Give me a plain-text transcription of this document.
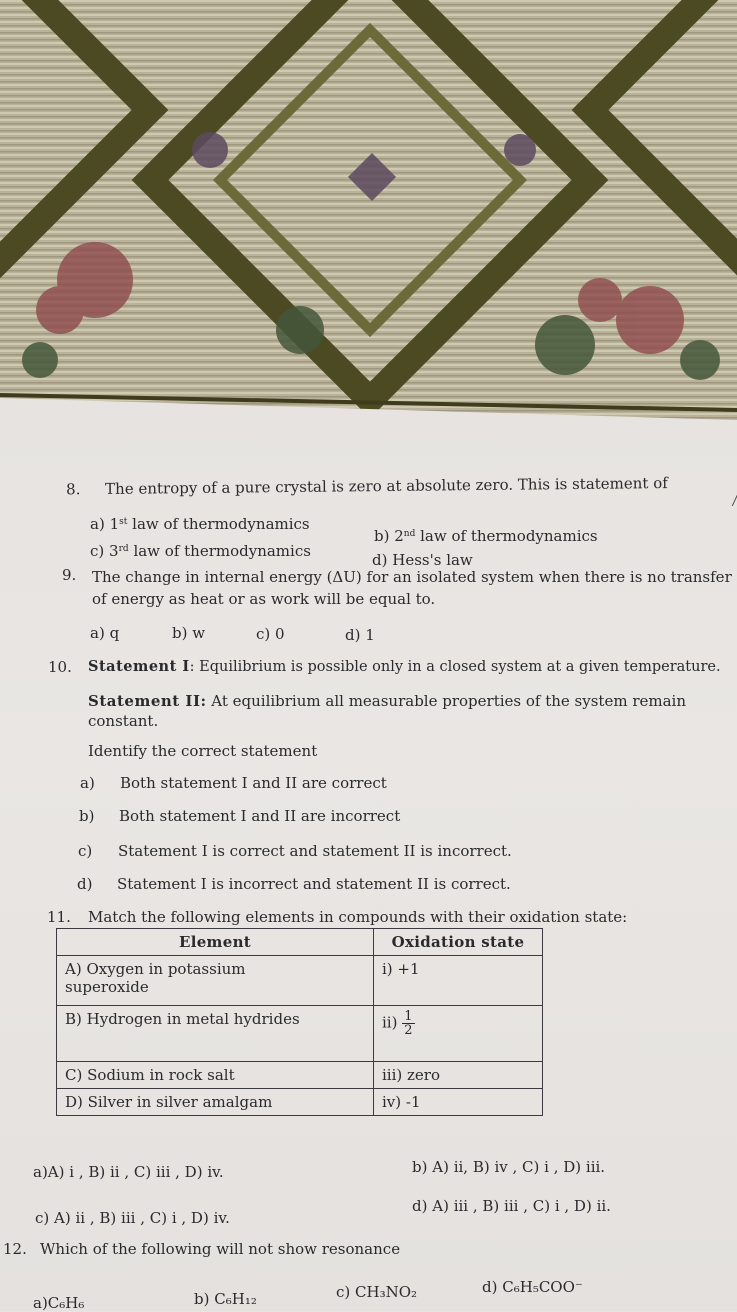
8. The entropy of a pure crystal is zero at absolute zero. This is statement of
a) 1st law of thermodynamics
b) 2nd law of thermodynamics
c) 3rd law of thermodynamics	d) Hess's law
9. The change in internal energy (ΔU) for an isolated system when there is no transfer
of energy as heat or as work will be equal to.
a) q	b) w	c) 0	d) 1
10. Statement I: Equilibrium is possible only in a closed system at a given temperature.
Statement II: At equilibrium all measurable properties of the system remain
constant.
Identify the correct statement
a) Both statement I and II are correct
b) Both statement I and II are incorrect
c) Statement I is correct and statement II is incorrect.
d) Statement I is incorrect and statement II is correct.
11. Match the following elements in compounds with their oxidation state:
Element	Oxidation state

A) Oxygen in potassium
superoxide	i) +1
B) Hydrogen in metal hydrides	$ii) \frac{1}{2}$

C) Sodium in rock salt	iii) zero
D) Silver in silver amalgam	iv) -1
a)A) i , B) ii , C) iii , D) iv.	b) A) ii, B) iv , C) i , D) iii.
c) A) ii , B) iii , C) i , D) iv.
d) A) iii , B) iii , C) i , D) ii.
12. Which of the following will not show resonance
a)C₆H₆	b) C₆H₁₂	c) CH₃NO₂	d) C₆H₅COO⁻
